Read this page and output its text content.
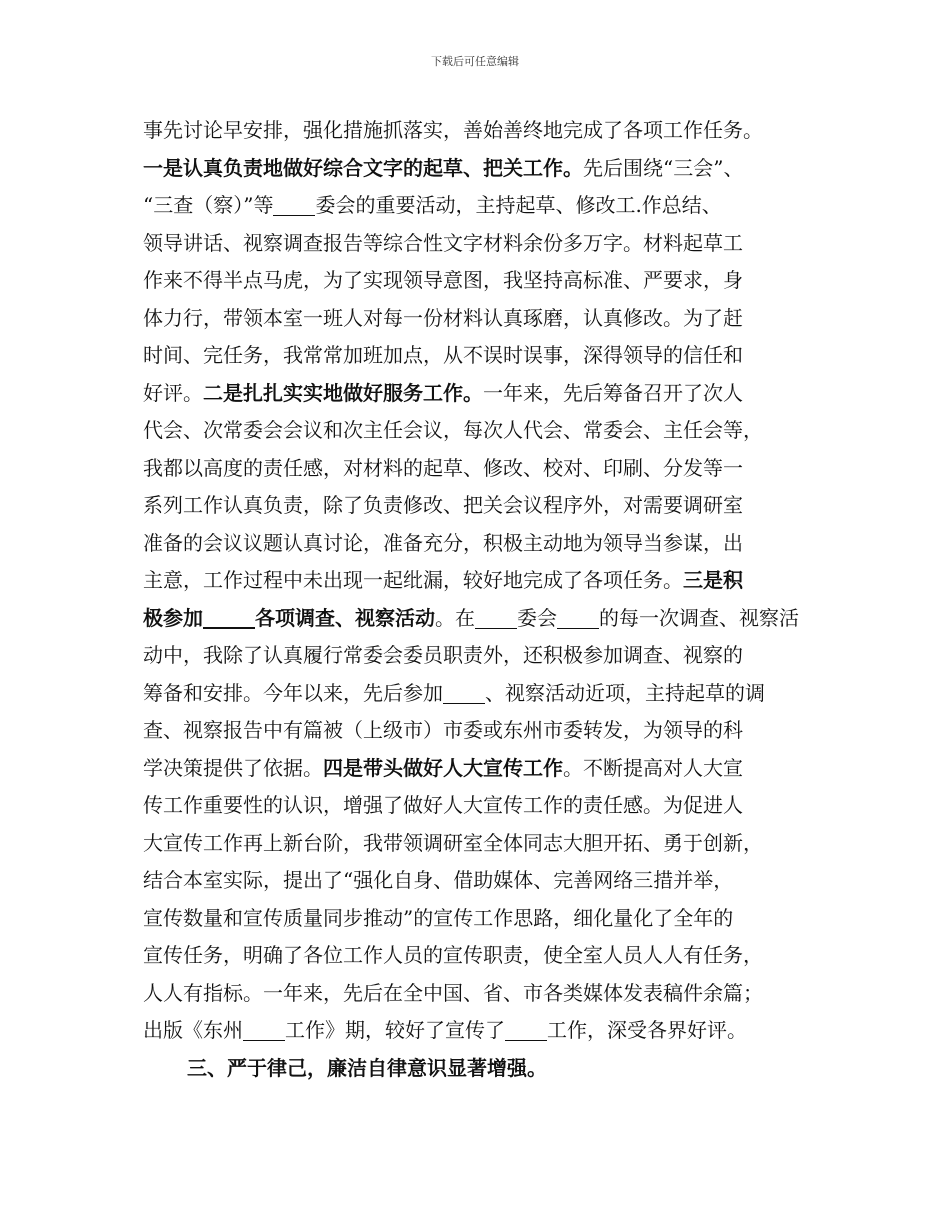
下载后可任意编辑
事先讨论早安排，强化措施抓落实，善始善终地完成了各项工作任务。
一是认真负责地做好综合文字的起草、把关工作。先后围绕“三会”、
“三查（察）”等 委会的重要活动，主持起草、修改工.作总结、
领导讲话、视察调查报告等综合性文字材料余份多万字。材料起草工
作来不得半点马虎，为了实现领导意图，我坚持高标准、严要求，身
体力行，带领本室一班人对每一份材料认真琢磨，认真修改。为了赶
时间、完任务，我常常加班加点，从不误时误事，深得领导的信任和
好评。二是扎扎实实地做好服务工作。一年来，先后筹备召开了次人
代会、次常委会会议和次主任会议，每次人代会、常委会、主任会等，
我都以高度的责任感，对材料的起草、修改、校对、印刷、分发等一
系列工作认真负责，除了负责修改、把关会议程序外，对需要调研室
准备的会议议题认真讨论，准备充分，积极主动地为领导当参谋，出
主意，工作过程中未出现一起纰漏，较好地完成了各项任务。三是积
极参加	各项调查、视察活动。在 委会 的每一次调查、视察活
动中，我除了认真履行常委会委员职责外，还积极参加调查、视察的
筹备和安排。今年以来，先后参加 、视察活动近项，主持起草的调
查、视察报告中有篇被（上级市）市委或东州市委转发，为领导的科
学决策提供了依据。四是带头做好人大宣传工作。不断提高对人大宣
传工作重要性的认识，增强了做好人大宣传工作的责任感。为促进人
大宣传工作再上新台阶，我带领调研室全体同志大胆开拓、勇于创新，
结合本室实际，提出了“强化自身、借助媒体、完善网络三措并举，
宣传数量和宣传质量同步推动”的宣传工作思路，细化量化了全年的
宣传任务，明确了各位工作人员的宣传职责，使全室人员人人有任务，
人人有指标。一年来，先后在全中国、省、市各类媒体发表稿件余篇；
出版《东州 工作》期，较好了宣传了 工作，深受各界好评。
三、严于律己，廉洁自律意识显著增强。
